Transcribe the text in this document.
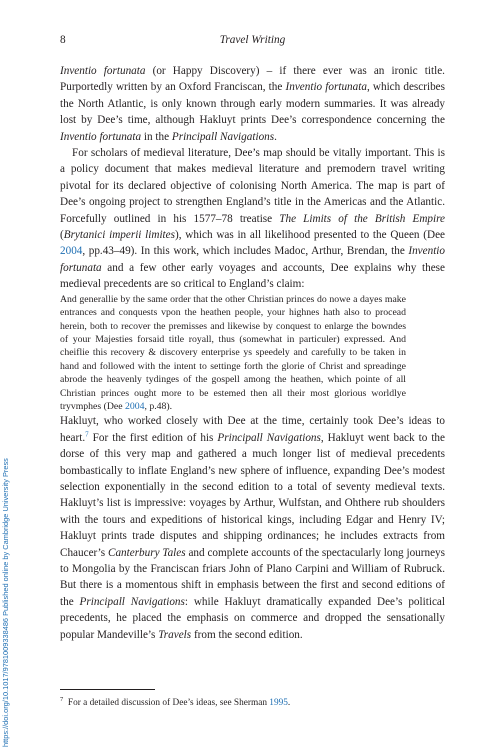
8	Travel Writing

Inventio fortunata (or Happy Discovery) – if there ever was an ironic title. Purportedly written by an Oxford Franciscan, the Inventio fortunata, which describes the North Atlantic, is only known through early modern summaries. It was already lost by Dee’s time, although Hakluyt prints Dee’s correspondence concerning the Inventio fortunata in the Principall Navigations.

For scholars of medieval literature, Dee’s map should be vitally important. This is a policy document that makes medieval literature and premodern travel writing pivotal for its declared objective of colonising North America. The map is part of Dee’s ongoing project to strengthen England’s title in the Americas and the Atlantic. Forcefully outlined in his 1577–78 treatise The Limits of the British Empire (Brytanici imperii limites), which was in all likelihood presented to the Queen (Dee 2004, pp.43–49). In this work, which includes Madoc, Arthur, Brendan, the Inventio fortunata and a few other early voyages and accounts, Dee explains why these medieval precedents are so critical to England’s claim:

And generallie by the same order that the other Christian princes do nowe a dayes make entrances and conquests vpon the heathen people, your highnes hath also to procead herein, both to recover the premisses and likewise by conquest to enlarge the bowndes of your Majesties forsaid title royall, thus (somewhat in particuler) expressed. And cheiflie this recovery & discovery enterprise ys speedely and carefully to be taken in hand and followed with the intent to settinge forth the glorie of Christ and spreadinge abrode the heavenly tydinges of the gospell among the heathen, which pointe of all Christian princes ought more to be estemed then all their most glorious worldlye tryvmphes (Dee 2004, p.48).

Hakluyt, who worked closely with Dee at the time, certainly took Dee’s ideas to heart.$^7$ For the first edition of his Principall Navigations, Hakluyt went back to the dorse of this very map and gathered a much longer list of medieval precedents bombastically to inflate England’s new sphere of influence, expanding Dee’s modest selection exponentially in the second edition to a total of seventy medieval texts. Hakluyt’s list is impressive: voyages by Arthur, Wulfstan, and Ohthere rub shoulders with the tours and expeditions of historical kings, including Edgar and Henry IV; Hakluyt prints trade disputes and shipping ordinances; he includes extracts from Chaucer’s Canterbury Tales and complete accounts of the spectacularly long journeys to Mongolia by the Franciscan friars John of Plano Carpini and William of Rubruck. But there is a momentous shift in emphasis between the first and second editions of the Principall Navigations: while Hakluyt dramatically expanded Dee’s political precedents, he placed the emphasis on commerce and dropped the sensationally popular Mandeville’s Travels from the second edition.

$^7$ For a detailed discussion of Dee’s ideas, see Sherman 1995.
https://doi.org/10.1017/9781009338486 Published online by Cambridge University Press
